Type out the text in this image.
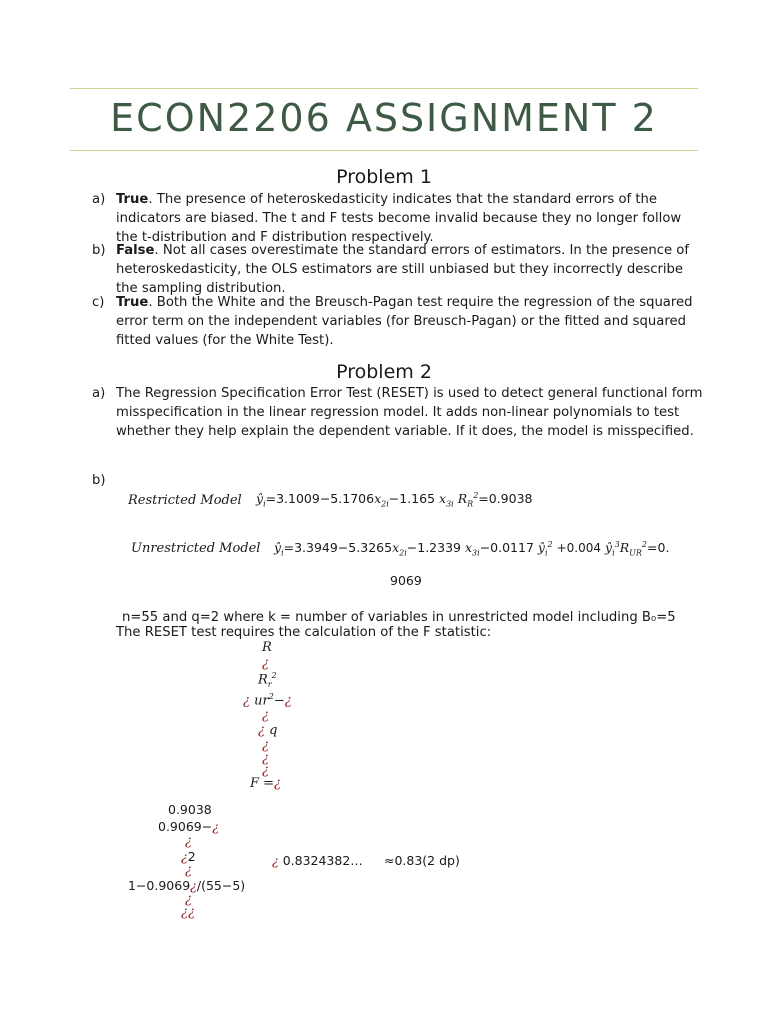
ECON2206 ASSIGNMENT 2
Problem 1
a) True. The presence of heteroskedasticity indicates that the standard errors of the indicators are biased. The t and F tests become invalid because they no longer follow the t-distribution and F distribution respectively.
b) False. Not all cases overestimate the standard errors of estimators. In the presence of heteroskedasticity, the OLS estimators are still unbiased but they incorrectly describe the sampling distribution.
c) True. Both the White and the Breusch-Pagan test require the regression of the squared error term on the independent variables (for Breusch-Pagan) or the fitted and squared fitted values (for the White Test).
Problem 2
a) The Regression Specification Error Test (RESET) is used to detect general functional form misspecification in the linear regression model. It adds non-linear polynomials to test whether they help explain the dependent variable. If it does, the model is misspecified.
b)
Restricted Model $ŷ_i=3.1009-5.1706x_{2i}-1.165$ $x_{3i}$ $R_R^2=0.9038$
Unrestricted Model $ŷ_i=3.3949-5.3265x_{2i}-1.2339$ $x_{3i}-0.0117$ $ŷ_i^2 +0.004$ $ŷ_i^3R_{UR}^2=0$.
9069
n=55 and q=2 where k = number of variables in unrestricted model including B₀=5
The RESET test requires the calculation of the F statistic:
R
¿
$R_r^2$
¿ $ur^2-¿$
¿
¿ q
¿
¿
¿
F =¿
0.9038
0.9069−¿
¿
¿2
¿
¿ 0.8324382… ≈0.83(2 dp)
1−0.9069¿/(55−5)
¿
¿¿
